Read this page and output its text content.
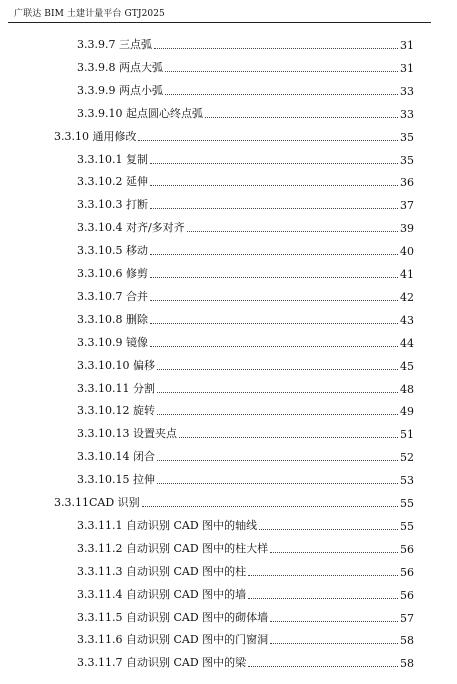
广联达 BIM 土建计量平台 GTJ2025
3.3.9.7 三点弧	31
3.3.9.8 两点大弧	31
3.3.9.9 两点小弧	33
3.3.9.10 起点圆心终点弧	33
3.3.10 通用修改	35
3.3.10.1 复制	35
3.3.10.2 延伸	36
3.3.10.3 打断	37
3.3.10.4 对齐/多对齐	39
3.3.10.5 移动	40
3.3.10.6 修剪	41
3.3.10.7 合并	42
3.3.10.8 删除	43
3.3.10.9 镜像	44
3.3.10.10 偏移	45
3.3.10.11 分割	48
3.3.10.12 旋转	49
3.3.10.13 设置夹点	51
3.3.10.14 闭合	52
3.3.10.15 拉伸	53
3.3.11CAD 识别	55
3.3.11.1 自动识别 CAD 图中的轴线	55
3.3.11.2 自动识别 CAD 图中的柱大样	56
3.3.11.3 自动识别 CAD 图中的柱	56
3.3.11.4 自动识别 CAD 图中的墙	56
3.3.11.5 自动识别 CAD 图中的砌体墙	57
3.3.11.6 自动识别 CAD 图中的门窗洞	58
3.3.11.7 自动识别 CAD 图中的梁	58
